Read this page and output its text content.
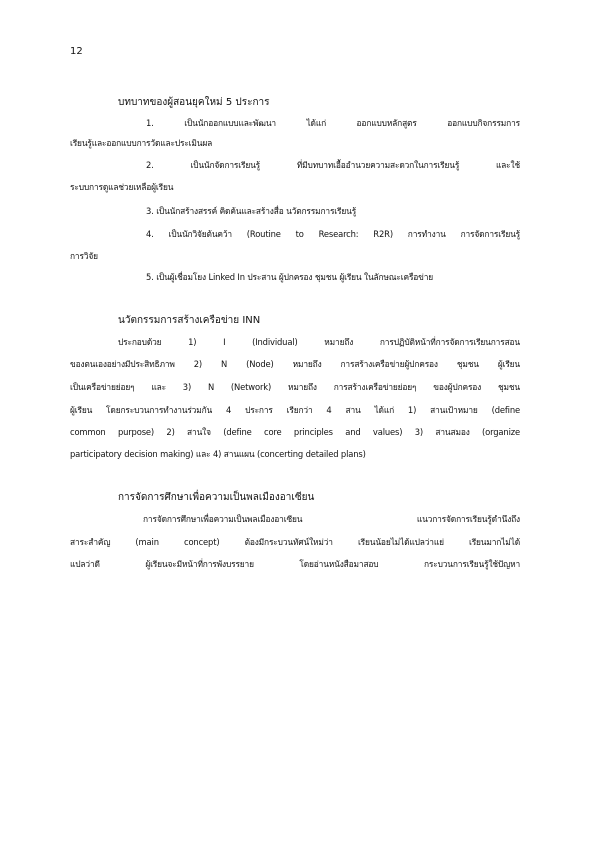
12
บทบาทของผู้สอนยุคใหม่ 5 ประการ
1. เป็นนักออกแบบและพัฒนา ได้แก่ ออกแบบหลักสูตร ออกแบบกิจกรรมการ
เรียนรู้และออกแบบการวัดและประเมินผล
2. เป็นนักจัดการเรียนรู้ ที่มีบทบาทเอื้ออำนวยความสะดวกในการเรียนรู้ และใช้
ระบบการดูแลช่วยเหลือผู้เรียน
3. เป็นนักสร้างสรรค์ คิดค้นและสร้างสื่อ นวัตกรรมการเรียนรู้
4. เป็นนักวิจัยต้นคว้า (Routine to Research: R2R) การทำงาน การจัดการเรียนรู้
การวิจัย
5. เป็นผู้เชื่อมโยง Linked In ประสาน ผู้ปกครอง ชุมชน ผู้เรียน ในลักษณะเครือข่าย
นวัตกรรมการสร้างเครือข่าย INN
ประกอบด้วย 1) I (Individual) หมายถึง การปฏิบัติหน้าที่การจัดการเรียนการสอน
ของตนเองอย่างมีประสิทธิภาพ 2) N (Node) หมายถึง การสร้างเครือข่ายผู้ปกครอง ชุมชน ผู้เรียน
เป็นเครือข่ายย่อยๆ และ 3) N (Network) หมายถึง การสร้างเครือข่ายย่อยๆ ของผู้ปกครอง ชุมชน
ผู้เรียน โดยกระบวนการทำงานร่วมกัน 4 ประการ เรียกว่า 4 สาน ได้แก่ 1) สานเป้าหมาย (define
common purpose) 2) สานใจ (define core principles and values) 3) สานสมอง (organize
participatory decision making) และ 4) สานแผน (concerting detailed plans)
การจัดการศึกษาเพื่อความเป็นพลเมืองอาเซียน
การจัดการศึกษาเพื่อความเป็นพลเมืองอาเซียน แนวการจัดการเรียนรู้ดำนึงถึง
สาระสำคัญ (main concept) ต้องมีกระบวนทัศน์ใหม่ว่า เรียนน้อยไม่ได้แปลว่าแย่ เรียนมากไม่ได้
แปลว่าดี ผู้เรียนจะมีหน้าที่การพังบรรยาย โดยอ่านหนังสือมาสอบ กระบวนการเรียนรู้ใช้ปัญหา
